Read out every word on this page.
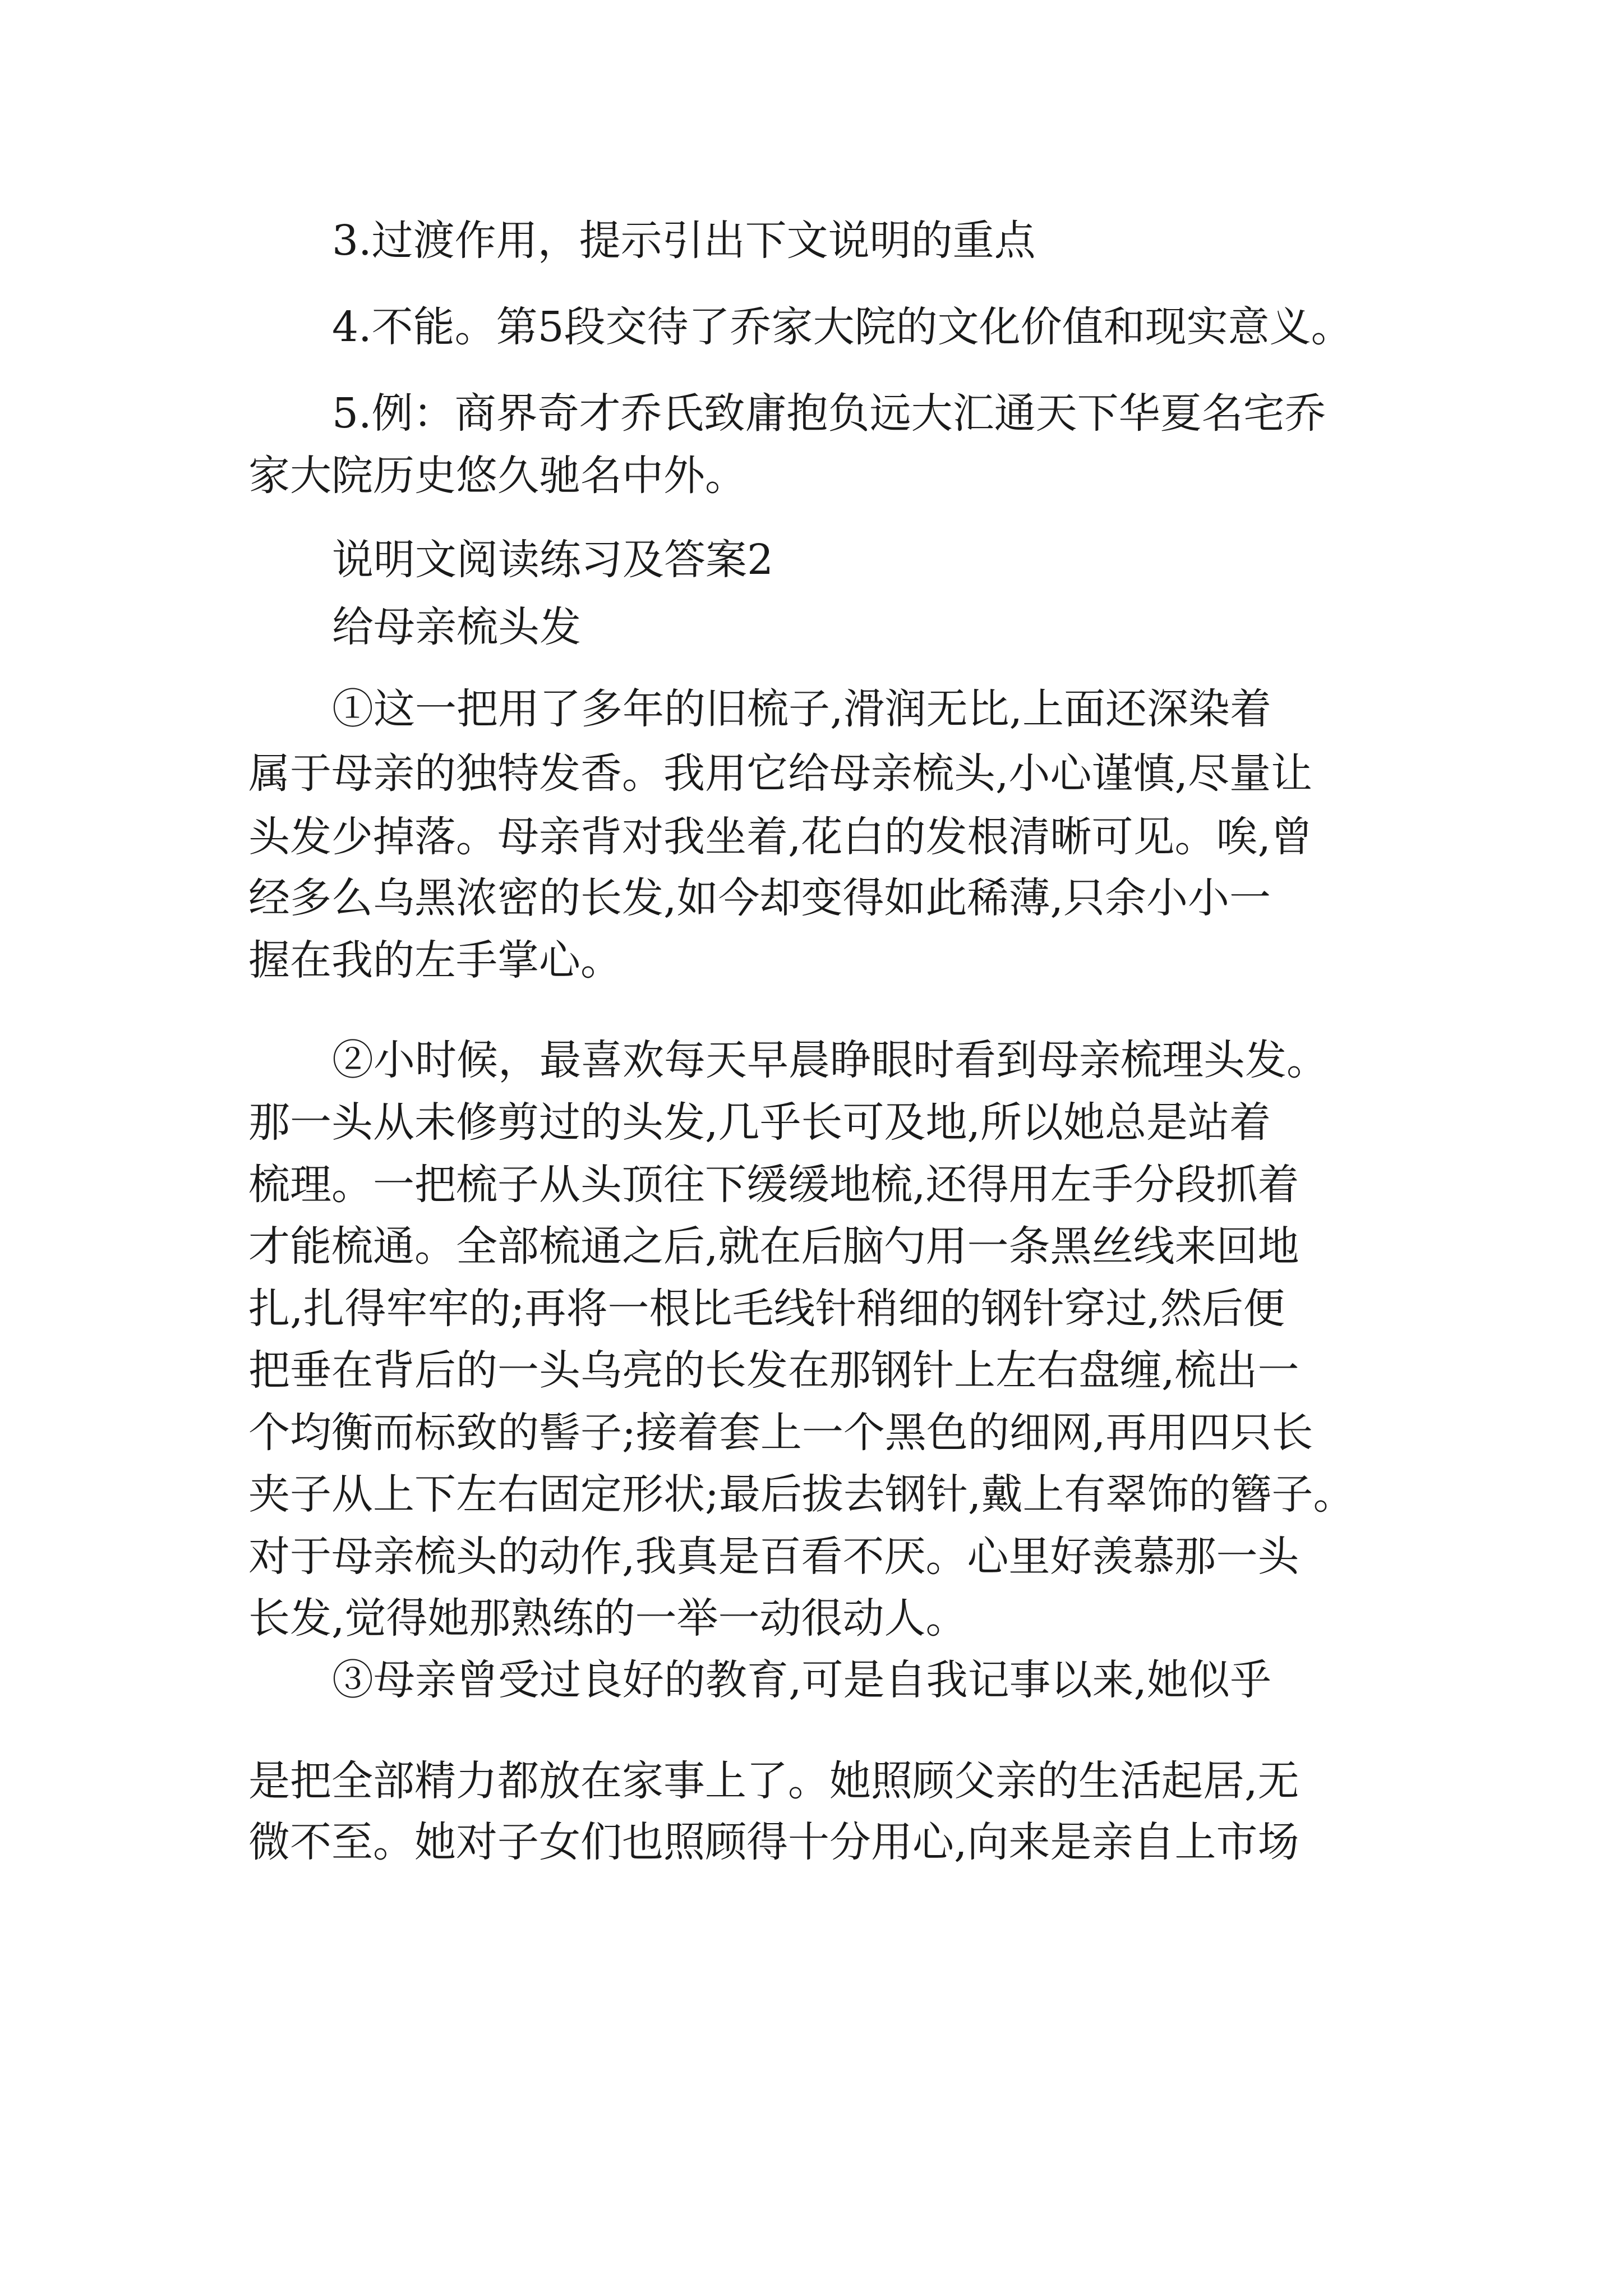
3.过渡作用，提示引出下文说明的重点
4.不能。第5段交待了乔家大院的文化价值和现实意义。
5.例：商界奇才乔氏致庸抱负远大汇通天下华夏名宅乔
家大院历史悠久驰名中外。
说明文阅读练习及答案2
给母亲梳头发
①这一把用了多年的旧梳子,滑润无比,上面还深染着
属于母亲的独特发香。我用它给母亲梳头,小心谨慎,尽量让
头发少掉落。母亲背对我坐着,花白的发根清晰可见。唉,曾
经多么乌黑浓密的长发,如今却变得如此稀薄,只余小小一
握在我的左手掌心。
②小时候，最喜欢每天早晨睁眼时看到母亲梳理头发。
那一头从未修剪过的头发,几乎长可及地,所以她总是站着
梳理。一把梳子从头顶往下缓缓地梳,还得用左手分段抓着
才能梳通。全部梳通之后,就在后脑勺用一条黑丝线来回地
扎,扎得牢牢的;再将一根比毛线针稍细的钢针穿过,然后便
把垂在背后的一头乌亮的长发在那钢针上左右盘缠,梳出一
个均衡而标致的髻子;接着套上一个黑色的细网,再用四只长
夹子从上下左右固定形状;最后拔去钢针,戴上有翠饰的簪子。
对于母亲梳头的动作,我真是百看不厌。心里好羡慕那一头
长发,觉得她那熟练的一举一动很动人。
③母亲曾受过良好的教育,可是自我记事以来,她似乎
是把全部精力都放在家事上了。她照顾父亲的生活起居,无
微不至。她对子女们也照顾得十分用心,向来是亲自上市场
